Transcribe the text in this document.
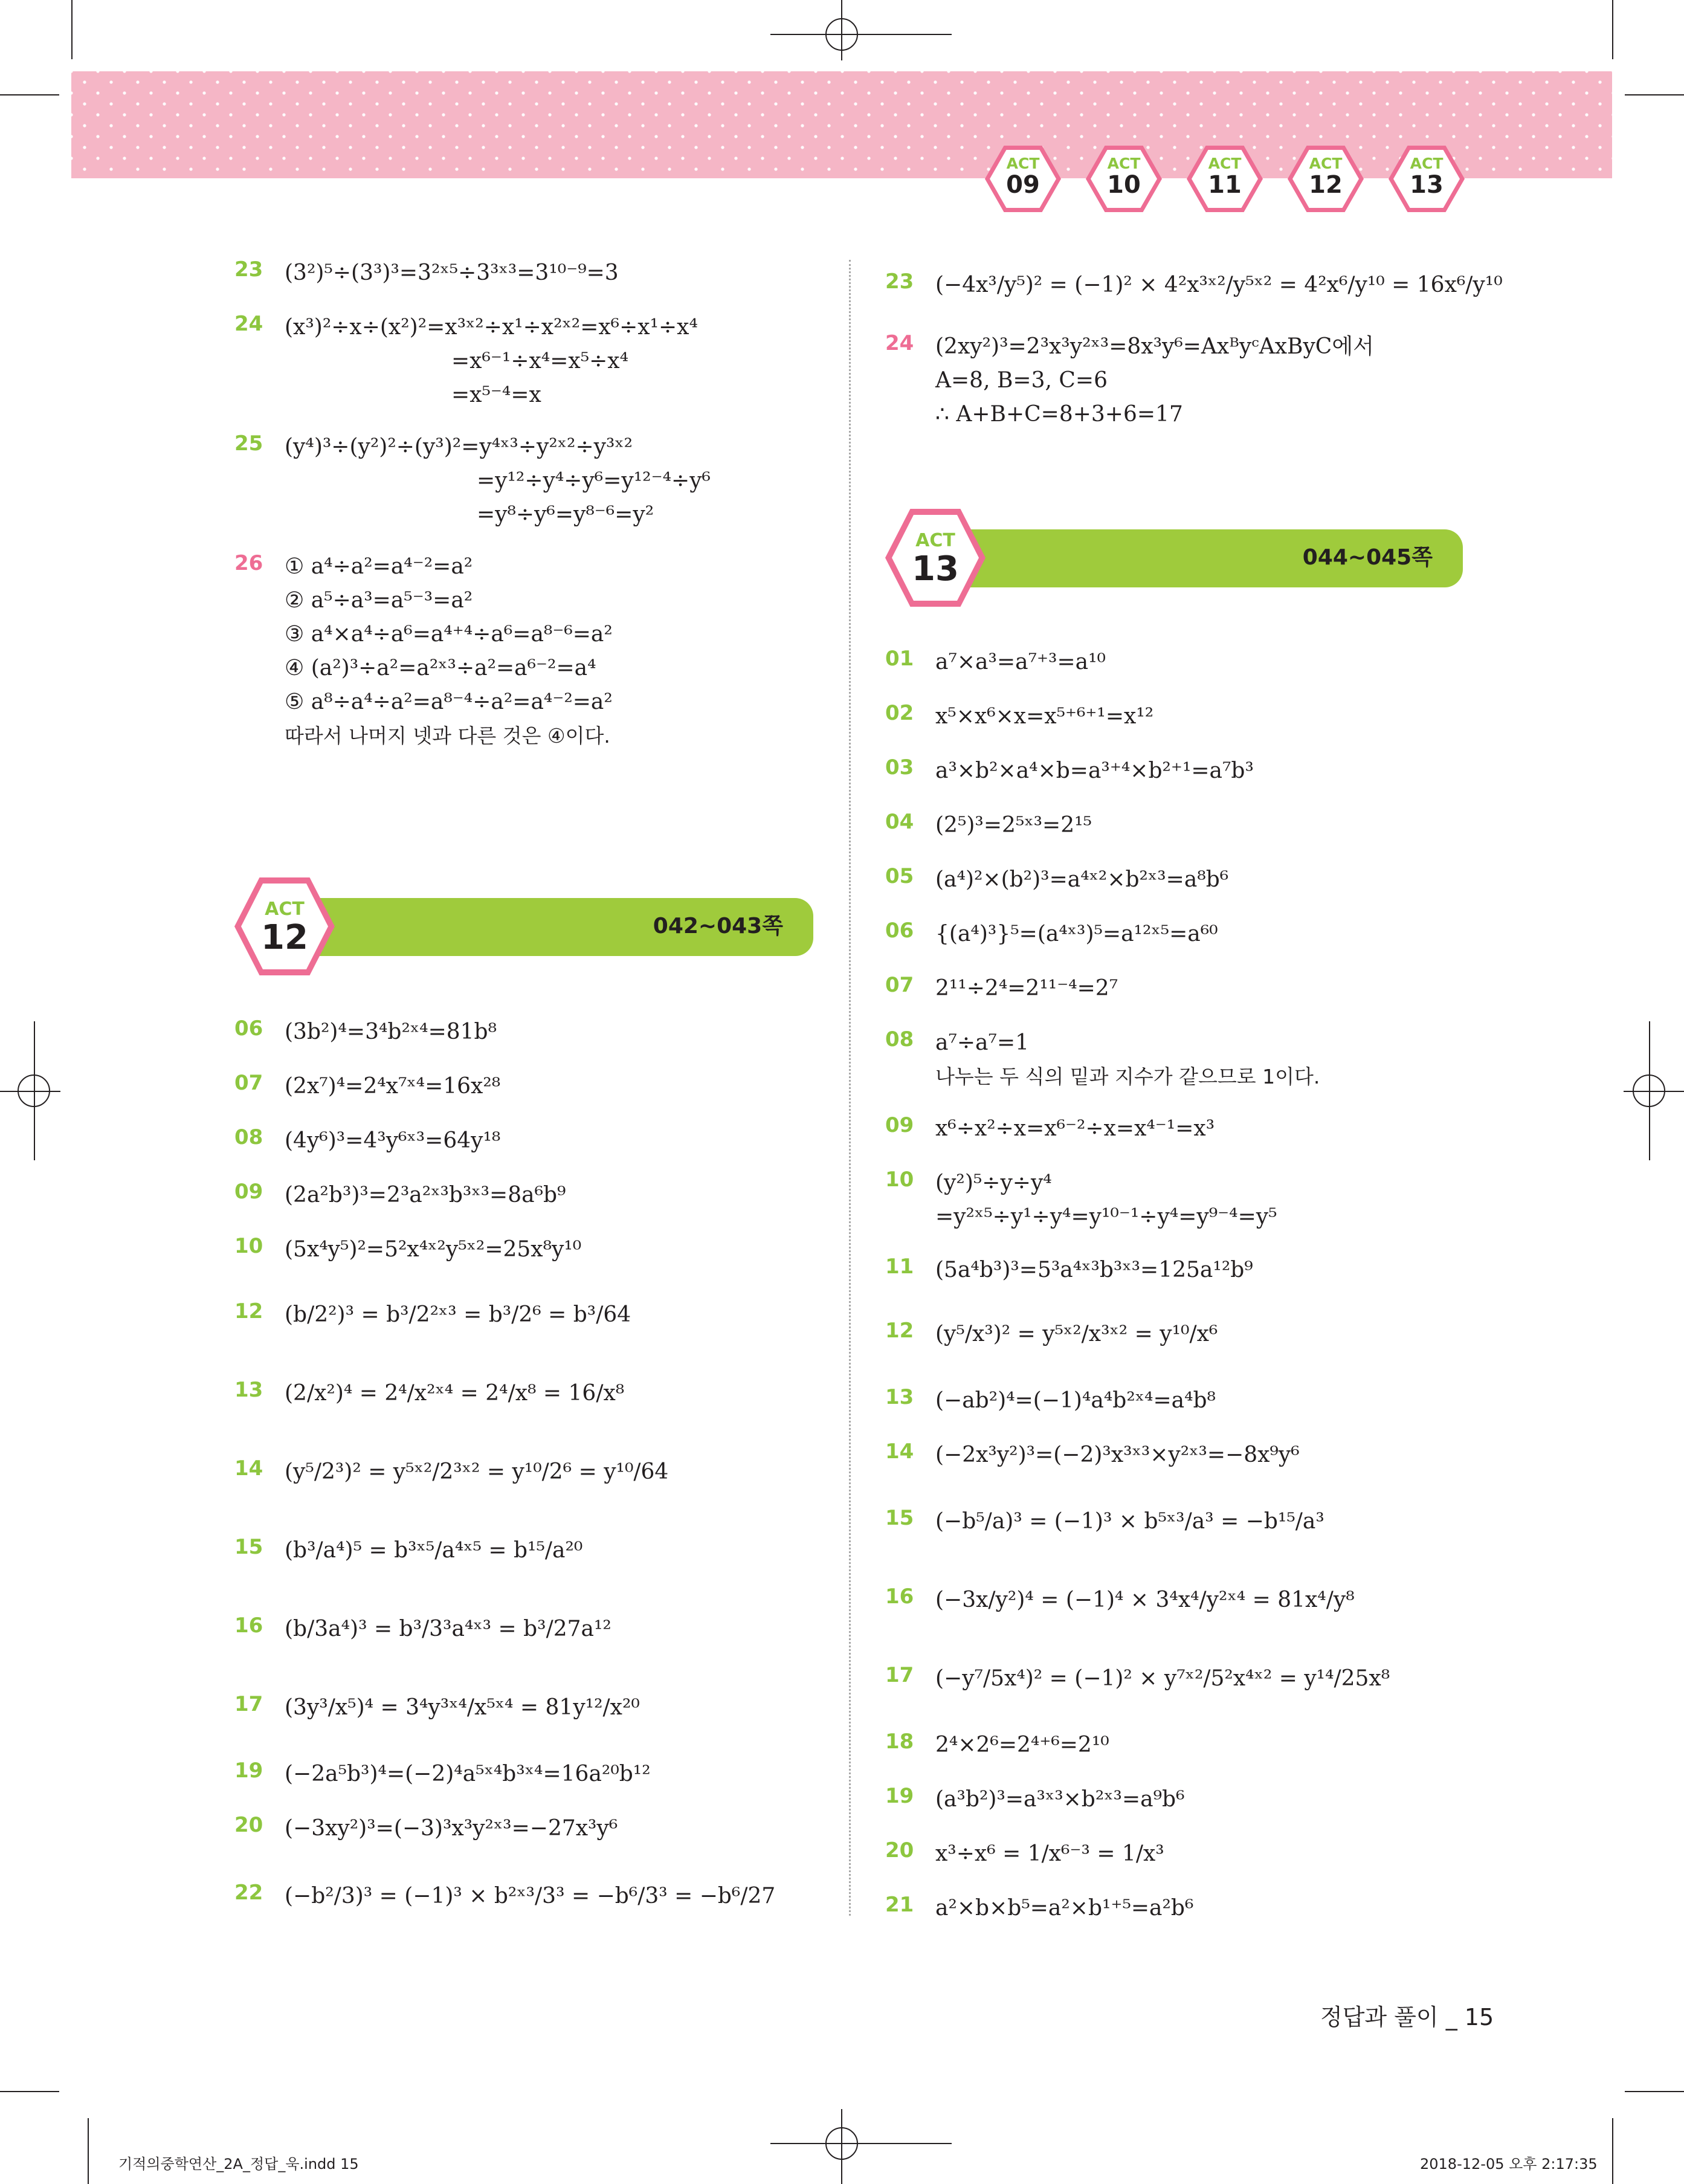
ACT
09
ACT
10
ACT
11
ACT
12
ACT
13
23 (3²)⁵÷(3³)³=3²ˣ⁵÷3³ˣ³=3¹⁰⁻⁹=3
24 (x³)²÷x÷(x²)²=x³ˣ²÷x¹÷x²ˣ²=x⁶÷x¹÷x⁴
=x⁶⁻¹÷x⁴=x⁵÷x⁴
=x⁵⁻⁴=x
25 (y⁴)³÷(y²)²÷(y³)²=y⁴ˣ³÷y²ˣ²÷y³ˣ²
=y¹²÷y⁴÷y⁶=y¹²⁻⁴÷y⁶
=y⁸÷y⁶=y⁸⁻⁶=y²
26 ① a⁴÷a²=a⁴⁻²=a²
② a⁵÷a³=a⁵⁻³=a²
③ a⁴×a⁴÷a⁶=a⁴⁺⁴÷a⁶=a⁸⁻⁶=a²
④ (a²)³÷a²=a²ˣ³÷a²=a⁶⁻²=a⁴
⑤ a⁸÷a⁴÷a²=a⁸⁻⁴÷a²=a⁴⁻²=a²
따라서 나머지 넷과 다른 것은 ④이다.
042~043쪽
ACT
12
06 (3b²)⁴=3⁴b²ˣ⁴=81b⁸
07 (2x⁷)⁴=2⁴x⁷ˣ⁴=16x²⁸
08 (4y⁶)³=4³y⁶ˣ³=64y¹⁸
09 (2a²b³)³=2³a²ˣ³b³ˣ³=8a⁶b⁹
10 (5x⁴y⁵)²=5²x⁴ˣ²y⁵ˣ²=25x⁸y¹⁰
12 (b/2²)³ = b³/2²ˣ³ = b³/2⁶ = b³/64
13 (2/x²)⁴ = 2⁴/x²ˣ⁴ = 2⁴/x⁸ = 16/x⁸
14 (y⁵/2³)² = y⁵ˣ²/2³ˣ² = y¹⁰/2⁶ = y¹⁰/64
15 (b³/a⁴)⁵ = b³ˣ⁵/a⁴ˣ⁵ = b¹⁵/a²⁰
16 (b/3a⁴)³ = b³/3³a⁴ˣ³ = b³/27a¹²
17 (3y³/x⁵)⁴ = 3⁴y³ˣ⁴/x⁵ˣ⁴ = 81y¹²/x²⁰
19 (−2a⁵b³)⁴=(−2)⁴a⁵ˣ⁴b³ˣ⁴=16a²⁰b¹²
20 (−3xy²)³=(−3)³x³y²ˣ³=−27x³y⁶
22 (−b²/3)³ = (−1)³ × b²ˣ³/3³ = −b⁶/3³ = −b⁶/27
23 (−4x³/y⁵)² = (−1)² × 4²x³ˣ²/y⁵ˣ² = 4²x⁶/y¹⁰ = 16x⁶/y¹⁰
24 (2xy²)³=2³x³y²ˣ³=8x³y⁶=AxᴮyᶜAxByC에서
A=8, B=3, C=6
∴ A+B+C=8+3+6=17
044~045쪽
ACT
13
01 a⁷×a³=a⁷⁺³=a¹⁰
02 x⁵×x⁶×x=x⁵⁺⁶⁺¹=x¹²
03 a³×b²×a⁴×b=a³⁺⁴×b²⁺¹=a⁷b³
04 (2⁵)³=2⁵ˣ³=2¹⁵
05 (a⁴)²×(b²)³=a⁴ˣ²×b²ˣ³=a⁸b⁶
06 {(a⁴)³}⁵=(a⁴ˣ³)⁵=a¹²ˣ⁵=a⁶⁰
07 2¹¹÷2⁴=2¹¹⁻⁴=2⁷
08 a⁷÷a⁷=1
나누는 두 식의 밑과 지수가 같으므로 1이다.
09 x⁶÷x²÷x=x⁶⁻²÷x=x⁴⁻¹=x³
10 (y²)⁵÷y÷y⁴
=y²ˣ⁵÷y¹÷y⁴=y¹⁰⁻¹÷y⁴=y⁹⁻⁴=y⁵
11 (5a⁴b³)³=5³a⁴ˣ³b³ˣ³=125a¹²b⁹
12 (y⁵/x³)² = y⁵ˣ²/x³ˣ² = y¹⁰/x⁶
13 (−ab²)⁴=(−1)⁴a⁴b²ˣ⁴=a⁴b⁸
14 (−2x³y²)³=(−2)³x³ˣ³×y²ˣ³=−8x⁹y⁶
15 (−b⁵/a)³ = (−1)³ × b⁵ˣ³/a³ = −b¹⁵/a³
16 (−3x/y²)⁴ = (−1)⁴ × 3⁴x⁴/y²ˣ⁴ = 81x⁴/y⁸
17 (−y⁷/5x⁴)² = (−1)² × y⁷ˣ²/5²x⁴ˣ² = y¹⁴/25x⁸
18 2⁴×2⁶=2⁴⁺⁶=2¹⁰
19 (a³b²)³=a³ˣ³×b²ˣ³=a⁹b⁶
20 x³÷x⁶ = 1/x⁶⁻³ = 1/x³
21 a²×b×b⁵=a²×b¹⁺⁵=a²b⁶
정답과 풀이 _ 15
기적의중학연산_2A_정답_욱.indd 15	2018-12-05 오후 2:17:35
